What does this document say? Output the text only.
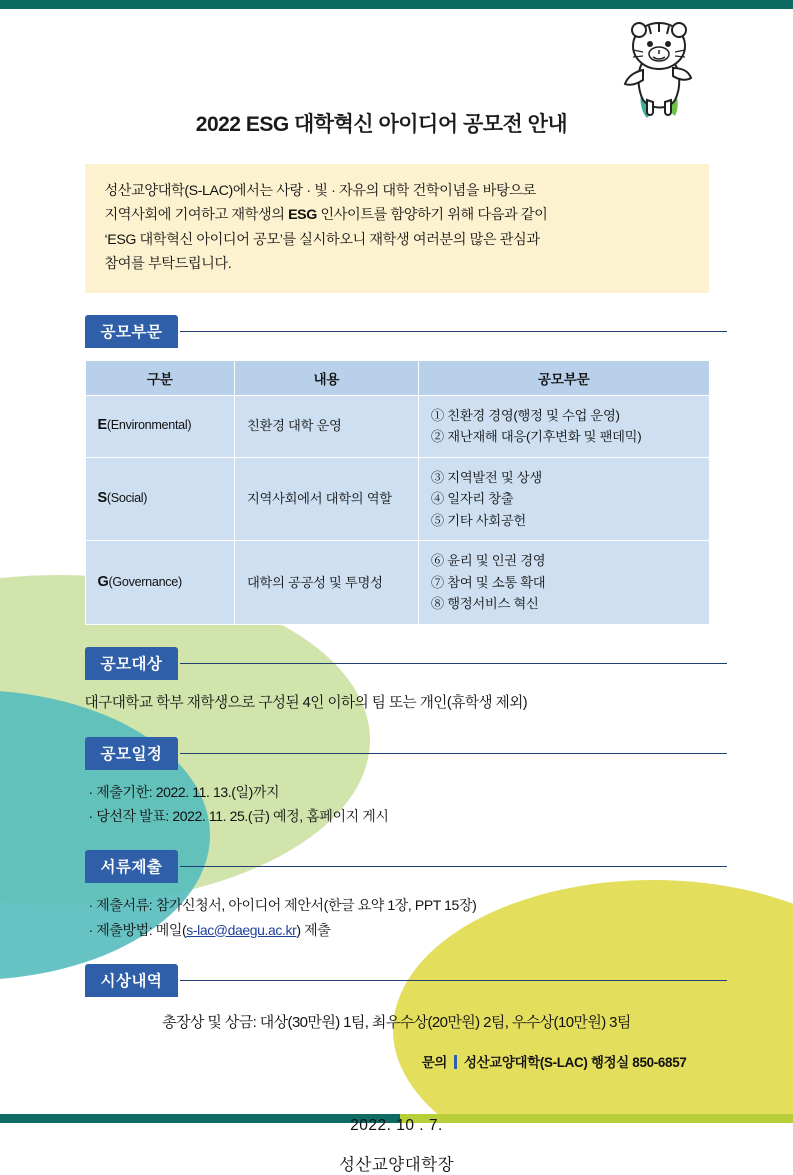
2022 ESG 대학혁신 아이디어 공모전 안내
성산교양대학(S-LAC)에서는 사랑 · 빛 · 자유의 대학 건학이념을 바탕으로
지역사회에 기여하고 재학생의 ESG 인사이트를 함양하기 위해 다음과 같이
‘ESG 대학혁신 아이디어 공모’를 실시하오니 재학생 여러분의 많은 관심과
참여를 부탁드립니다.
공모부문
구분	내용	공모부문
E(Environmental)	친환경 대학 운영	① 친환경 경영(행정 및 수업 운영)
② 재난재해 대응(기후변화 및 팬데믹)

S(Social)	지역사회에서 대학의 역할	③ 지역발전 및 상생
④ 일자리 창출
⑤ 기타 사회공헌

G(Governance)	대학의 공공성 및 투명성	⑥ 윤리 및 인권 경영
⑦ 참여 및 소통 확대
⑧ 행정서비스 혁신
공모대상
대구대학교 학부 재학생으로 구성된 4인 이하의 팀 또는 개인(휴학생 제외)
공모일정
· 제출기한: 2022. 11. 13.(일)까지
· 당선작 발표: 2022. 11. 25.(금) 예정, 홈페이지 게시
서류제출
· 제출서류: 참가신청서, 아이디어 제안서(한글 요약 1장, PPT 15장)
· 제출방법: 메일(s-lac@daegu.ac.kr) 제출
시상내역
총장상 및 상금: 대상(30만원) 1팀, 최우수상(20만원) 2팀, 우수상(10만원) 3팀
문의 성산교양대학(S-LAC) 행정실 850-6857
2022. 10 . 7.
성산교양대학장
